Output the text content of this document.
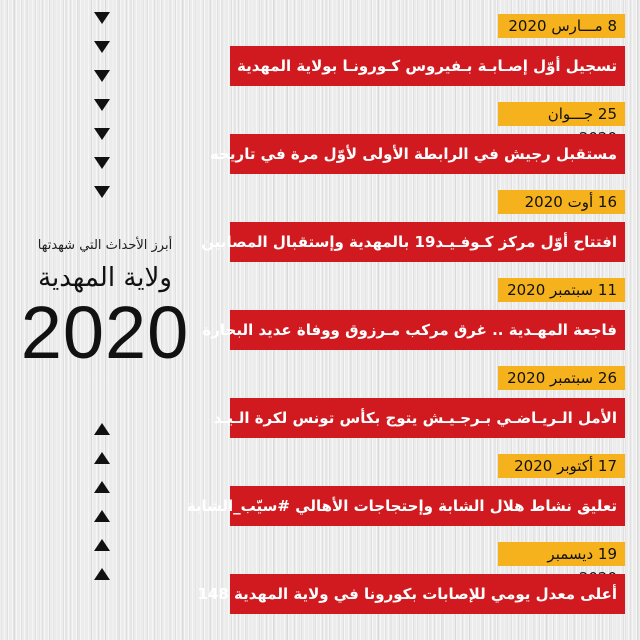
أبرز الأحداث التي شهدتها
ولاية المهدية
2020
8 مـــارس 2020
تسجيل أوّل إصـابـة بـفيروس كـورونـا بولاية المهدية
25 جـــوان
مستقبل رجيش في الرابطة الأولى لأوّل مرة في تاريخه
16 أوت 2020
افتتاح أوّل مركز كـوفـيـد19 بالمهدية وإستقبال المصابين
11 سبتمبر 2020
فاجعة المهـدية .. غرق مركب مـرزوق ووفاة عديد البحارة
26 سبتمبر 2020
الأمل الـريـاضـي بـرجـيـش يتوج بكأس تونس لكرة الـيـد
17 أكتوبر 2020
تعليق نشاط هلال الشابة وإحتجاجات الأهالي #سيّب_الشابة
19 ديسمبر
أعلى معدل يومي للإصابات بكورونا في ولاية المهدية 148
